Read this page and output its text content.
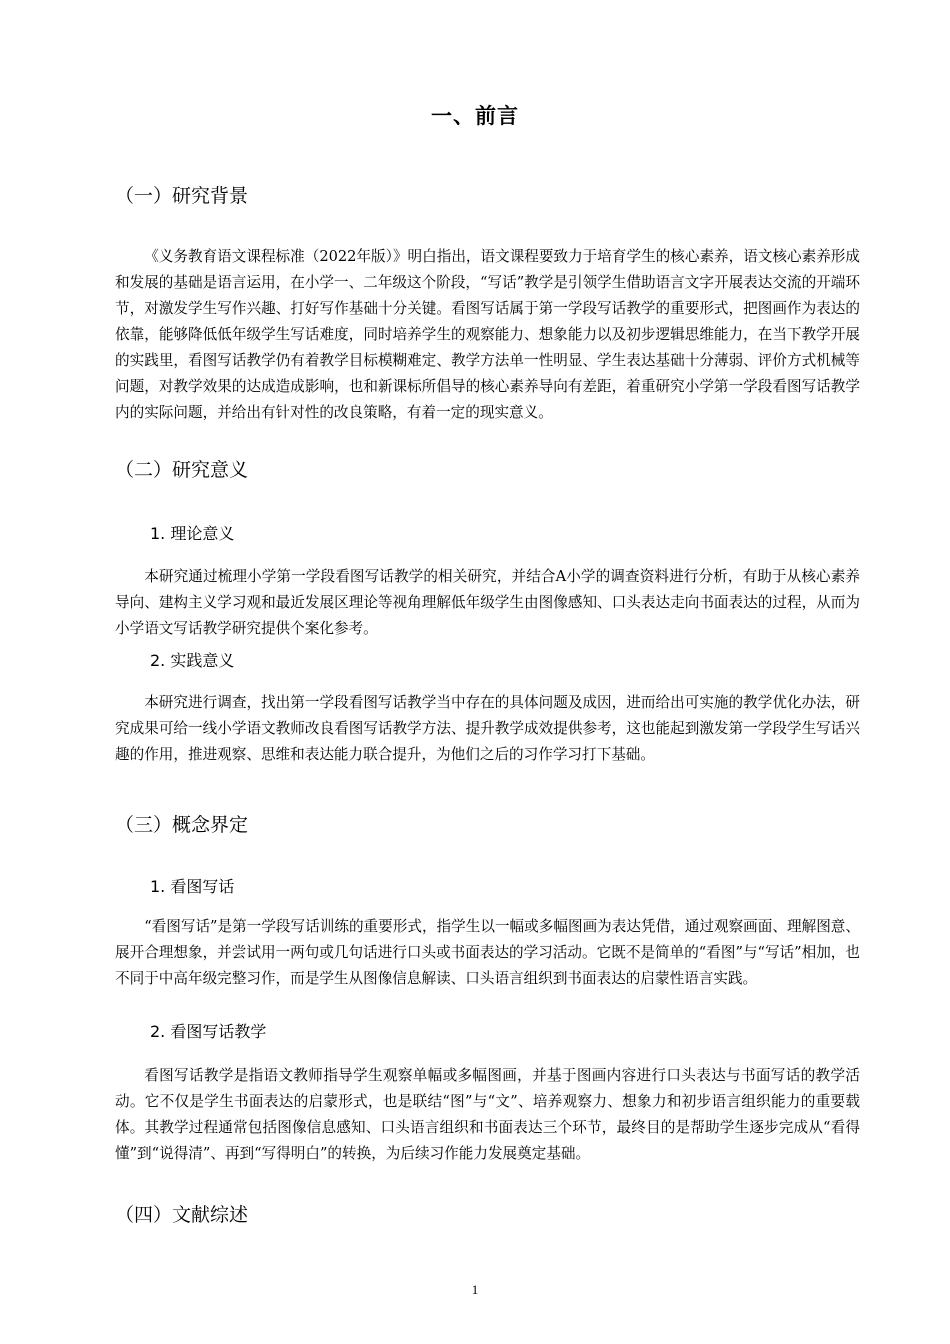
一、前言
（一）研究背景

《义务教育语文课程标准（2022年版）》明白指出，语文课程要致力于培育学生的核心素养，语文核心素养形成和发展的基础是语言运用，在小学一、二年级这个阶段，“写话”教学是引领学生借助语言文字开展表达交流的开端环节，对激发学生写作兴趣、打好写作基础十分关键。看图写话属于第一学段写话教学的重要形式，把图画作为表达的依靠，能够降低低年级学生写话难度，同时培养学生的观察能力、想象能力以及初步逻辑思维能力，在当下教学开展的实践里，看图写话教学仍有着教学目标模糊难定、教学方法单一性明显、学生表达基础十分薄弱、评价方式机械等问题，对教学效果的达成造成影响，也和新课标所倡导的核心素养导向有差距，着重研究小学第一学段看图写话教学内的实际问题，并给出有针对性的改良策略，有着一定的现实意义。

（二）研究意义
1. 理论意义

本研究通过梳理小学第一学段看图写话教学的相关研究，并结合A小学的调查资料进行分析，有助于从核心素养导向、建构主义学习观和最近发展区理论等视角理解低年级学生由图像感知、口头表达走向书面表达的过程，从而为小学语文写话教学研究提供个案化参考。

2. 实践意义

本研究进行调查，找出第一学段看图写话教学当中存在的具体问题及成因，进而给出可实施的教学优化办法，研究成果可给一线小学语文教师改良看图写话教学方法、提升教学成效提供参考，这也能起到激发第一学段学生写话兴趣的作用，推进观察、思维和表达能力联合提升，为他们之后的习作学习打下基础。

（三）概念界定
1. 看图写话

“看图写话”是第一学段写话训练的重要形式，指学生以一幅或多幅图画为表达凭借，通过观察画面、理解图意、展开合理想象，并尝试用一两句或几句话进行口头或书面表达的学习活动。它既不是简单的“看图”与“写话”相加，也不同于中高年级完整习作，而是学生从图像信息解读、口头语言组织到书面表达的启蒙性语言实践。

2. 看图写话教学

看图写话教学是指语文教师指导学生观察单幅或多幅图画，并基于图画内容进行口头表达与书面写话的教学活动。它不仅是学生书面表达的启蒙形式，也是联结“图”与“文”、培养观察力、想象力和初步语言组织能力的重要载体。其教学过程通常包括图像信息感知、口头语言组织和书面表达三个环节，最终目的是帮助学生逐步完成从“看得懂”到“说得清”、再到“写得明白”的转换，为后续习作能力发展奠定基础。

（四）文献综述
1
